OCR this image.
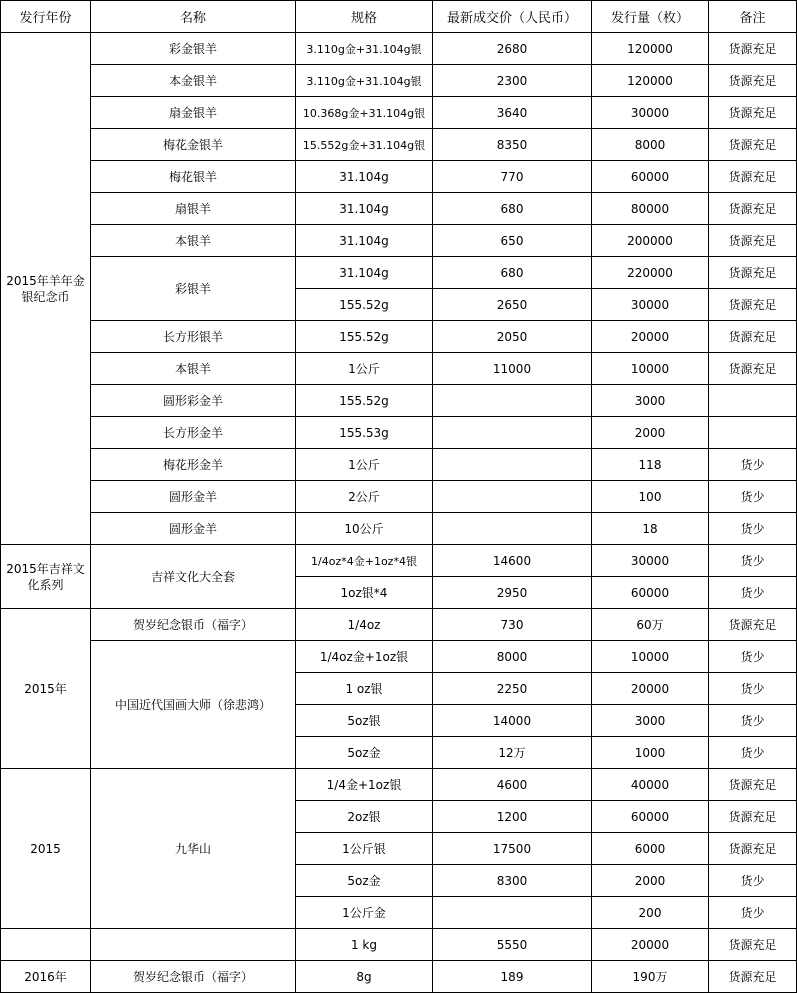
发行年份	名称	规格	最新成交价（人民币）	发行量（枚）	备注
2015年羊年金银纪念币	彩金银羊	3.110g金+31.104g银	2680	120000	货源充足
	本金银羊	3.110g金+31.104g银	2300	120000	货源充足
	扇金银羊	10.368g金+31.104g银	3640	30000	货源充足
	梅花金银羊	15.552g金+31.104g银	8350	8000	货源充足
	梅花银羊	31.104g	770	60000	货源充足
	扇银羊	31.104g	680	80000	货源充足
	本银羊	31.104g	650	200000	货源充足
	彩银羊	31.104g	680	220000	货源充足
		155.52g	2650	30000	货源充足
	长方形银羊	155.52g	2050	20000	货源充足
	本银羊	1公斤	11000	10000	货源充足
	圆形彩金羊	155.52g		3000	
	长方形金羊	155.53g		2000	
	梅花形金羊	1公斤		118	货少
	圆形金羊	2公斤		100	货少
	圆形金羊	10公斤		18	货少
2015年吉祥文化系列	吉祥文化大全套	1/4oz*4金+1oz*4银	14600	30000	货少
		1oz银*4	2950	60000	货少
2015年	贺岁纪念银币（福字）	1/4oz	730	60万	货源充足
	中国近代国画大师（徐悲鸿）	1/4oz金+1oz银	8000	10000	货少
		1 oz银	2250	20000	货少
		5oz银	14000	3000	货少
		5oz金	12万	1000	货少
2015	九华山	1/4金+1oz银	4600	40000	货源充足
		2oz银	1200	60000	货源充足
		1公斤银	17500	6000	货源充足
		5oz金	8300	2000	货少
		1公斤金		200	货少
		1 kg	5550	20000	货源充足
2016年	贺岁纪念银币（福字）	8g	189	190万	货源充足
